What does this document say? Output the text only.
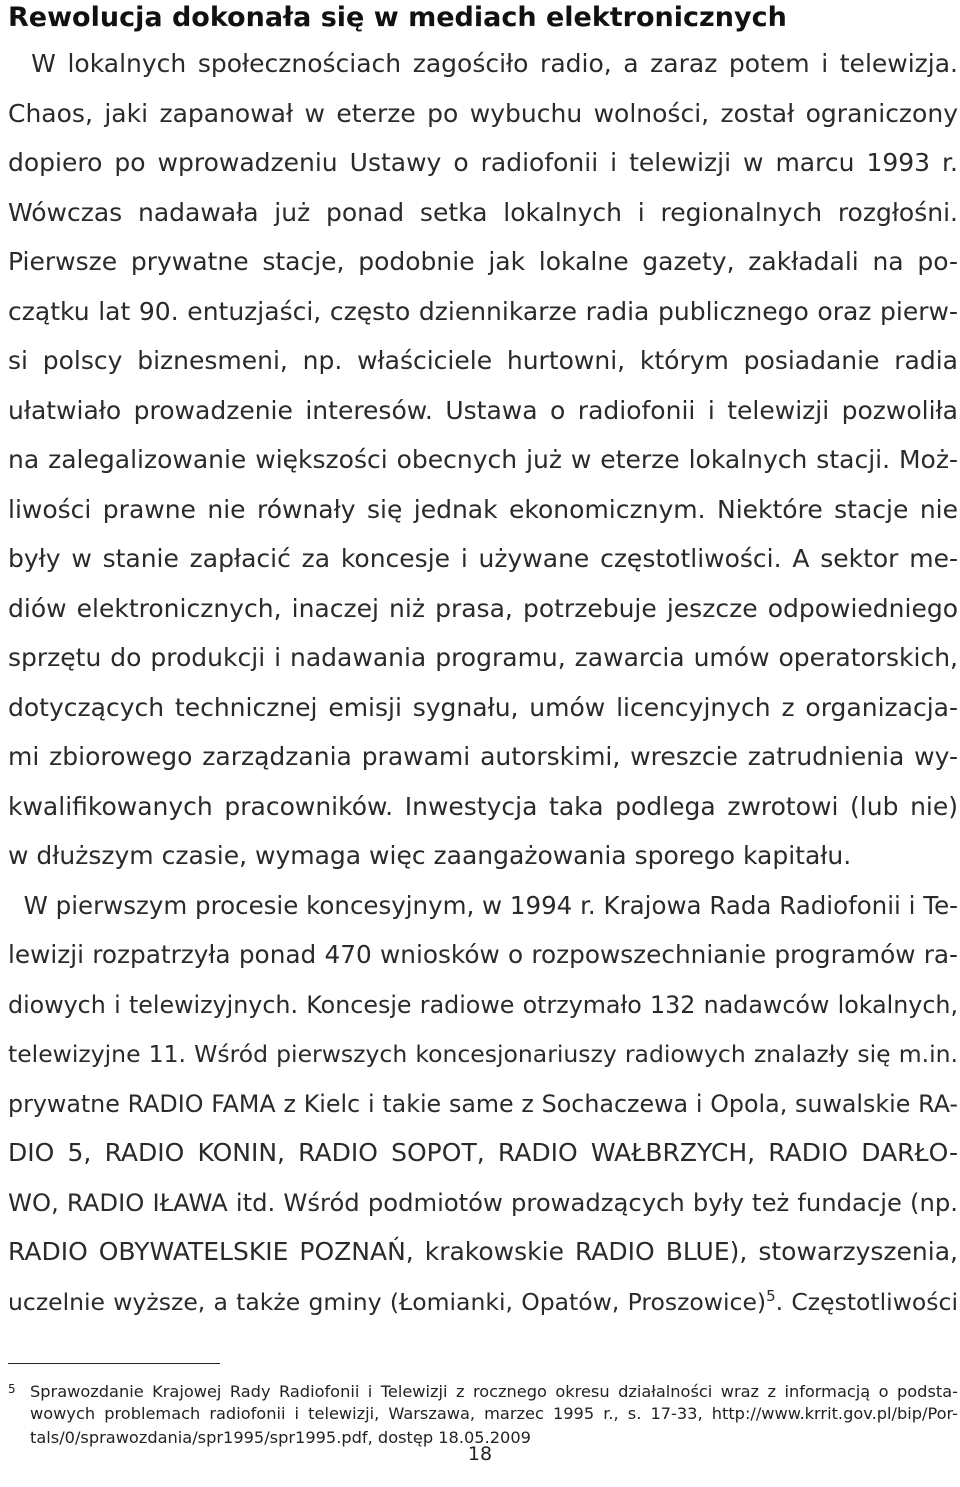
Rewolucja dokonała się w mediach elektronicznych
W lokalnych społecznościach zagościło radio, a zaraz potem i telewizja.
Chaos, jaki zapanował w eterze po wybuchu wolności, został ograniczony
dopiero po wprowadzeniu Ustawy o radiofonii i telewizji w marcu 1993 r.
Wówczas nadawała już ponad setka lokalnych i regionalnych rozgłośni.
Pierwsze prywatne stacje, podobnie jak lokalne gazety, zakładali na po-
czątku lat 90. entuzjaści, często dziennikarze radia publicznego oraz pierw-
si polscy biznesmeni, np. właściciele hurtowni, którym posiadanie radia
ułatwiało prowadzenie interesów. Ustawa o radiofonii i telewizji pozwoliła
na zalegalizowanie większości obecnych już w eterze lokalnych stacji. Moż-
liwości prawne nie równały się jednak ekonomicznym. Niektóre stacje nie
były w stanie zapłacić za koncesje i używane częstotliwości. A sektor me-
diów elektronicznych, inaczej niż prasa, potrzebuje jeszcze odpowiedniego
sprzętu do produkcji i nadawania programu, zawarcia umów operatorskich,
dotyczących technicznej emisji sygnału, umów licencyjnych z organizacja-
mi zbiorowego zarządzania prawami autorskimi, wreszcie zatrudnienia wy-
kwalifikowanych pracowników. Inwestycja taka podlega zwrotowi (lub nie)
w dłuższym czasie, wymaga więc zaangażowania sporego kapitału.
W pierwszym procesie koncesyjnym, w 1994 r. Krajowa Rada Radiofonii i Te-
lewizji rozpatrzyła ponad 470 wniosków o rozpowszechnianie programów ra-
diowych i telewizyjnych. Koncesje radiowe otrzymało 132 nadawców lokalnych,
telewizyjne 11. Wśród pierwszych koncesjonariuszy radiowych znalazły się m.in.
prywatne RADIO FAMA z Kielc i takie same z Sochaczewa i Opola, suwalskie RA-
DIO 5, RADIO KONIN, RADIO SOPOT, RADIO WAŁBRZYCH, RADIO DARŁO-
WO, RADIO IŁAWA itd. Wśród podmiotów prowadzących były też fundacje (np.
RADIO OBYWATELSKIE POZNAŃ, krakowskie RADIO BLUE), stowarzyszenia,
uczelnie wyższe, a także gminy (Łomianki, Opatów, Proszowice)$^5$. Częstotliwości
5 Sprawozdanie Krajowej Rady Radiofonii i Telewizji z rocznego okresu działalności wraz z informacją o podsta-
wowych problemach radiofonii i telewizji, Warszawa, marzec 1995 r., s. 17-33, http://www.krrit.gov.pl/bip/Por-
tals/0/sprawozdania/spr1995/spr1995.pdf, dostęp 18.05.2009
18
